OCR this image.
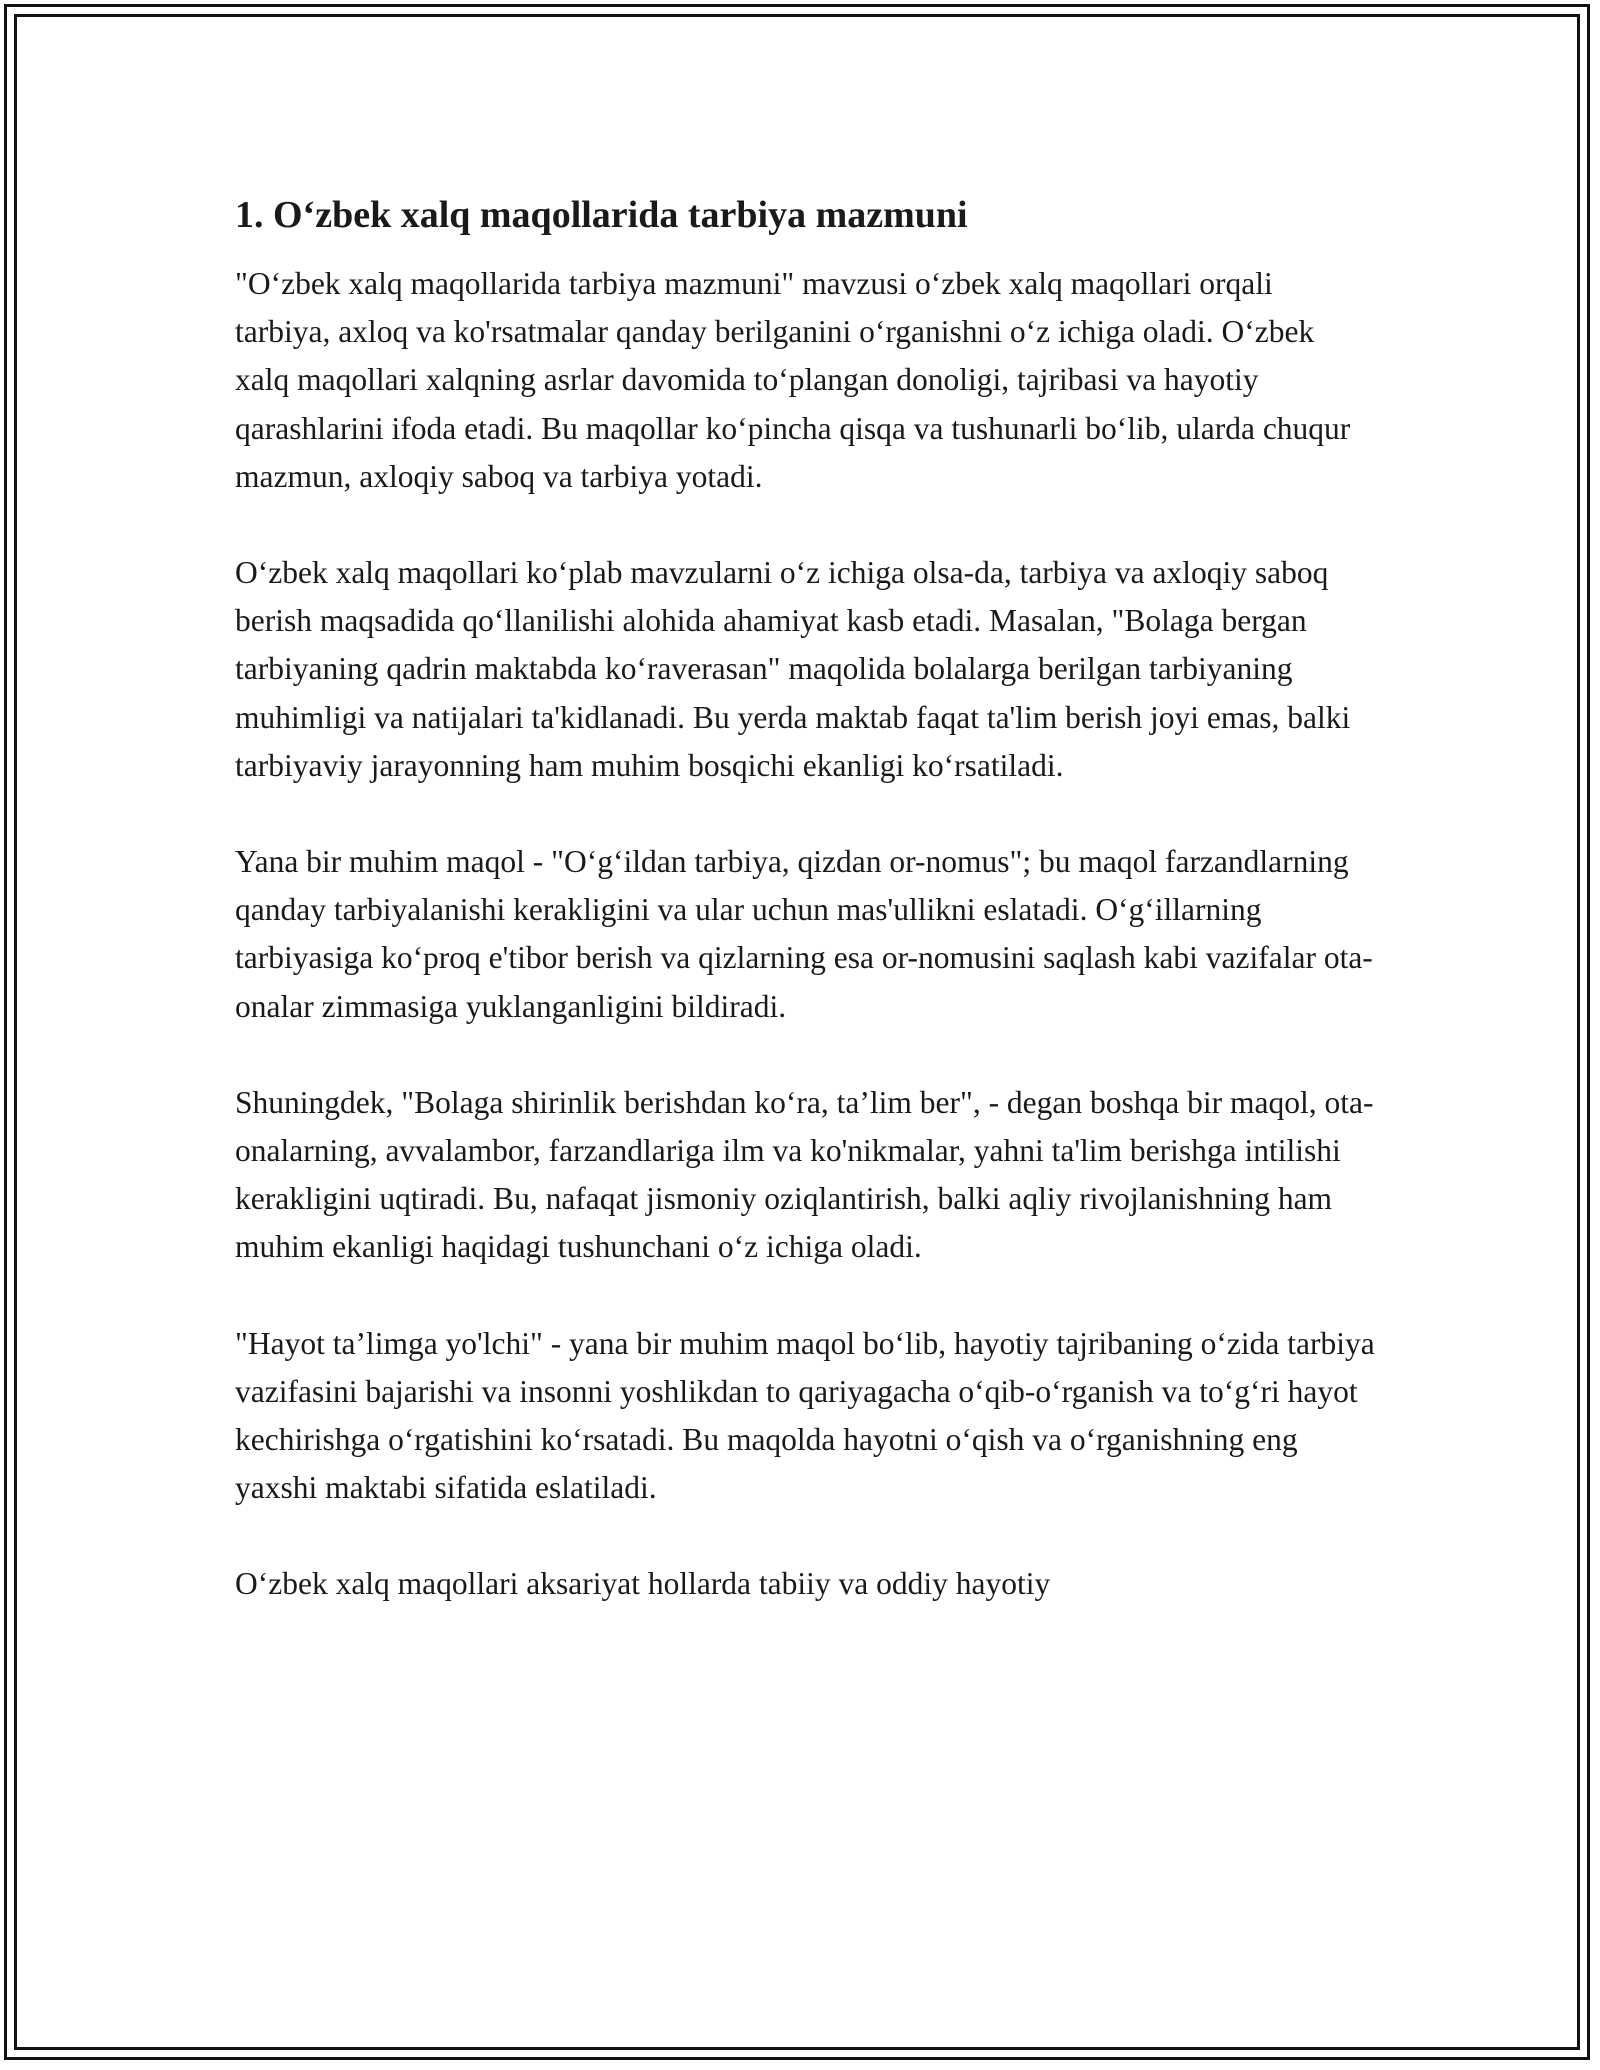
1. O‘zbek xalq maqollarida tarbiya mazmuni

"O‘zbek xalq maqollarida tarbiya mazmuni" mavzusi o‘zbek xalq maqollari orqali tarbiya, axloq va ko'rsatmalar qanday berilganini o‘rganishni o‘z ichiga oladi. O‘zbek xalq maqollari xalqning asrlar davomida to‘plangan donoligi, tajribasi va hayotiy qarashlarini ifoda etadi. Bu maqollar ko‘pincha qisqa va tushunarli bo‘lib, ularda chuqur mazmun, axloqiy saboq va tarbiya yotadi.

O‘zbek xalq maqollari ko‘plab mavzularni o‘z ichiga olsa-da, tarbiya va axloqiy saboq berish maqsadida qo‘llanilishi alohida ahamiyat kasb etadi. Masalan, "Bolaga bergan tarbiyaning qadrin maktabda ko‘raverasan" maqolida bolalarga berilgan tarbiyaning muhimligi va natijalari ta'kidlanadi. Bu yerda maktab faqat ta'lim berish joyi emas, balki tarbiyaviy jarayonning ham muhim bosqichi ekanligi ko‘rsatiladi.

Yana bir muhim maqol - "O‘g‘ildan tarbiya, qizdan or-nomus"; bu maqol farzandlarning qanday tarbiyalanishi kerakligini va ular uchun mas'ullikni eslatadi. O‘g‘illarning tarbiyasiga ko‘proq e'tibor berish va qizlarning esa or-nomusini saqlash kabi vazifalar ota-onalar zimmasiga yuklanganligini bildiradi.

Shuningdek, "Bolaga shirinlik berishdan ko‘ra, ta’lim ber", - degan boshqa bir maqol, ota-onalarning, avvalambor, farzandlariga ilm va ko'nikmalar, yahni ta'lim berishga intilishi kerakligini uqtiradi. Bu, nafaqat jismoniy oziqlantirish, balki aqliy rivojlanishning ham muhim ekanligi haqidagi tushunchani o‘z ichiga oladi.

"Hayot ta’limga yo'lchi" - yana bir muhim maqol bo‘lib, hayotiy tajribaning o‘zida tarbiya vazifasini bajarishi va insonni yoshlikdan to qariyagacha o‘qib-o‘rganish va to‘g‘ri hayot kechirishga o‘rgatishini ko‘rsatadi. Bu maqolda hayotni o‘qish va o‘rganishning eng yaxshi maktabi sifatida eslatiladi.

O‘zbek xalq maqollari aksariyat hollarda tabiiy va oddiy hayotiy
